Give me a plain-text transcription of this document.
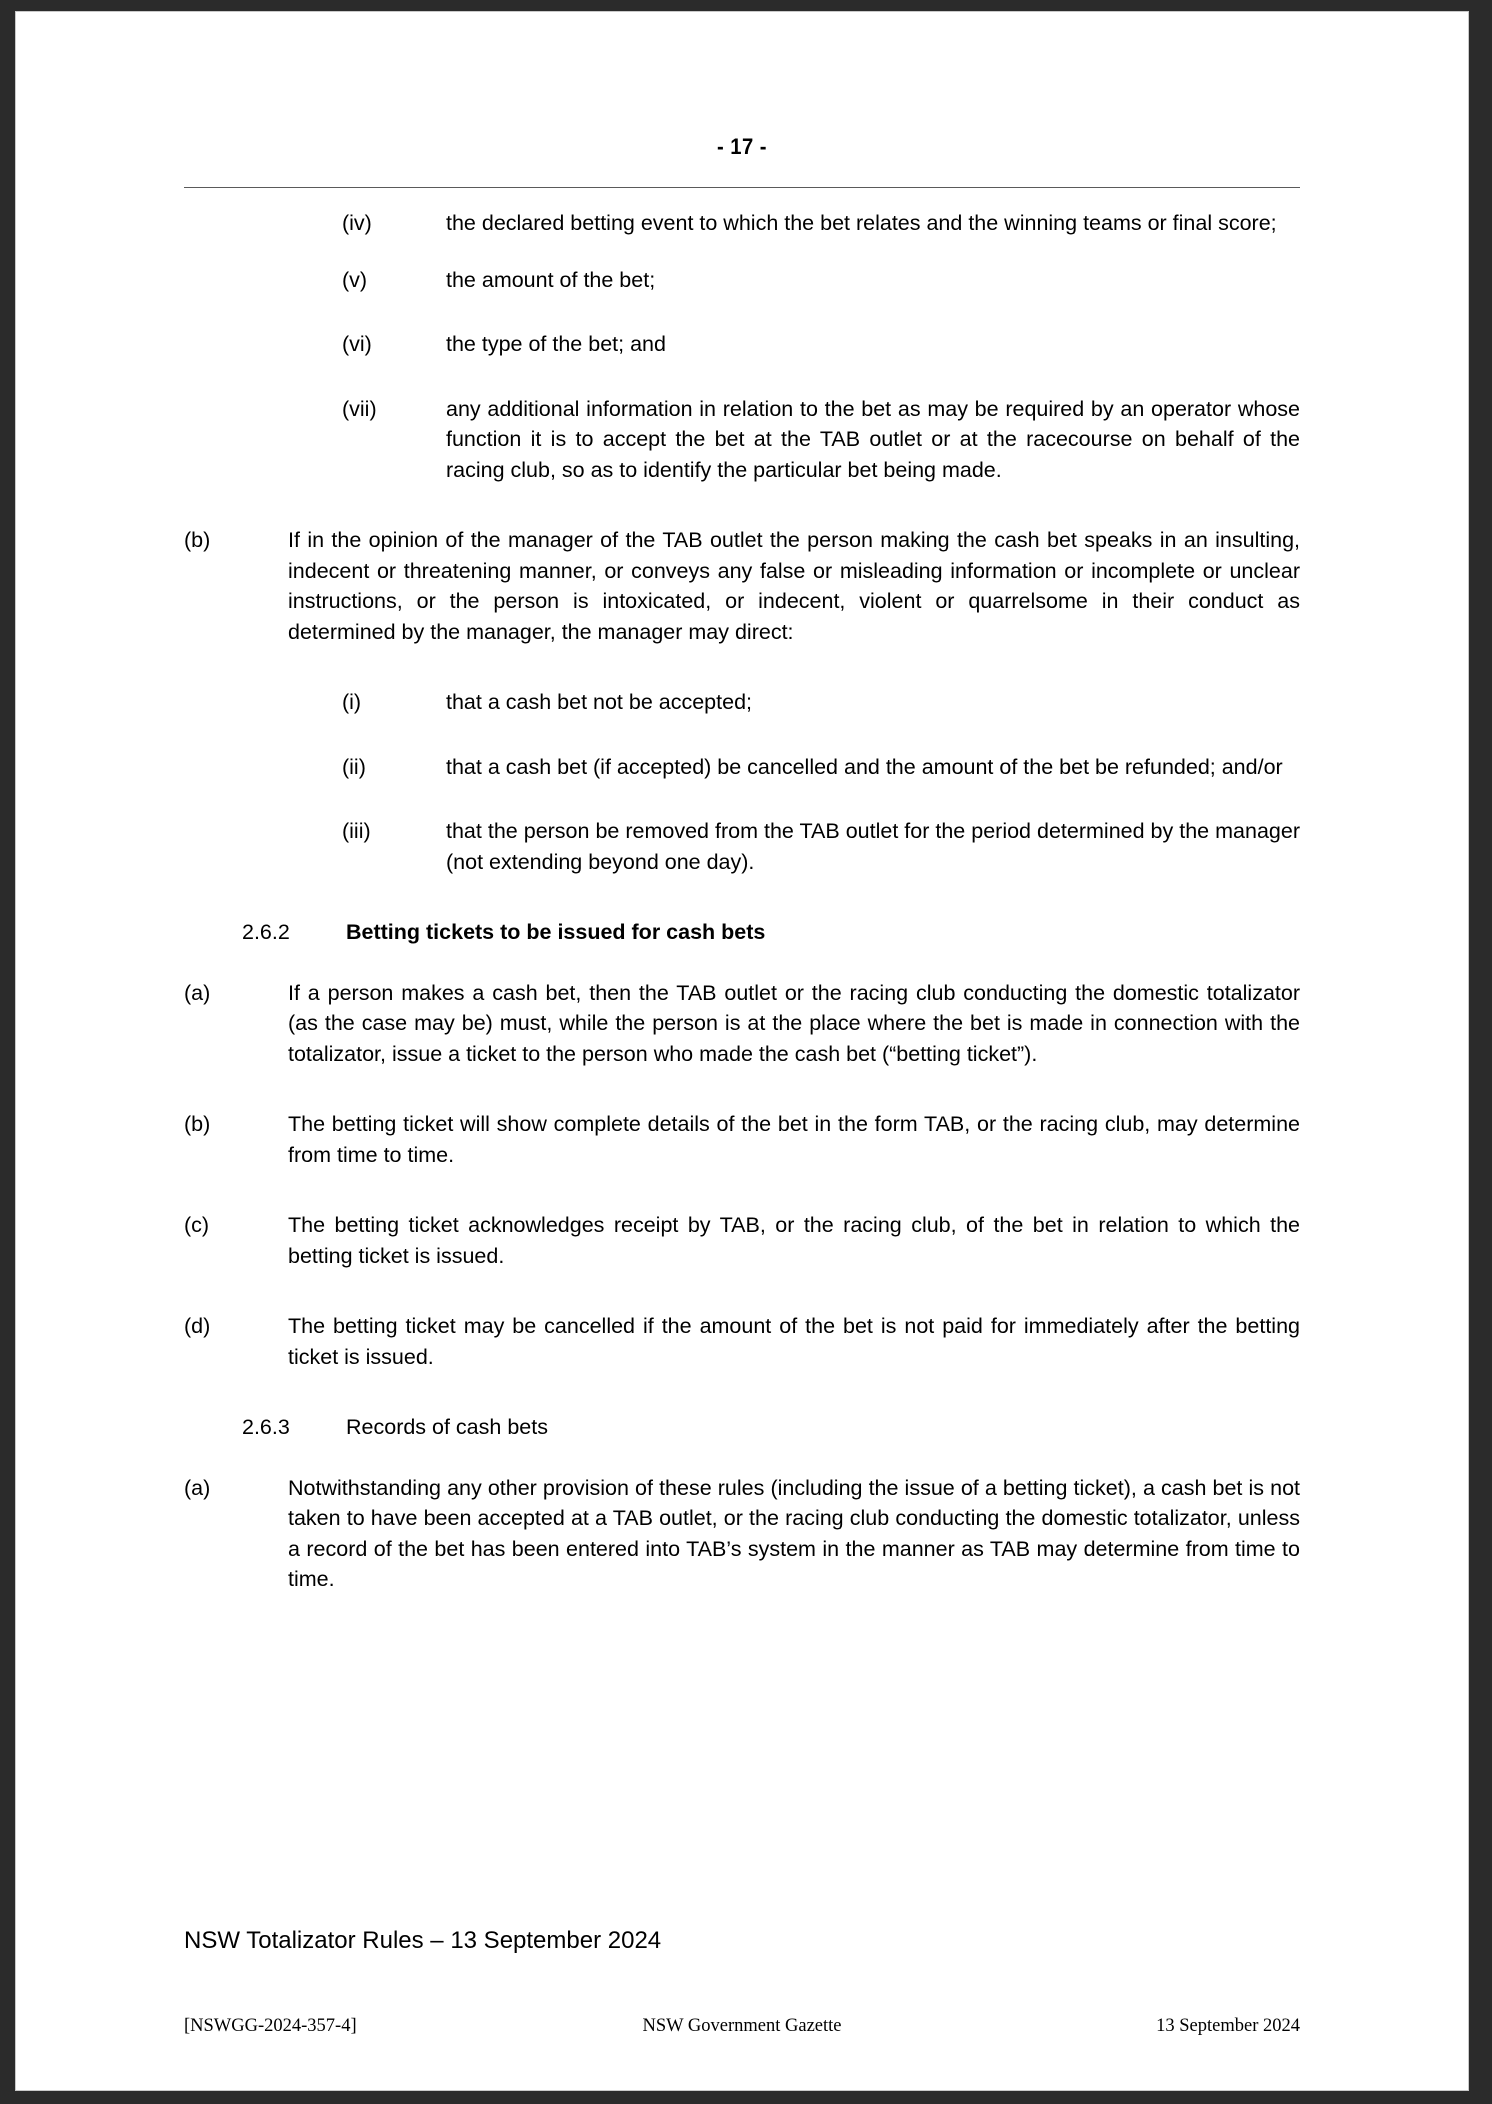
- 17 -
(iv)	the declared betting event to which the bet relates and the winning teams or final score;
(v)	the amount of the bet;
(vi)	the type of the bet; and
(vii)	any additional information in relation to the bet as may be required by an operator whose function it is to accept the bet at the TAB outlet or at the racecourse on behalf of the racing club, so as to identify the particular bet being made.
(b)	If in the opinion of the manager of the TAB outlet the person making the cash bet speaks in an insulting, indecent or threatening manner, or conveys any false or misleading information or incomplete or unclear instructions, or the person is intoxicated, or indecent, violent or quarrelsome in their conduct as determined by the manager, the manager may direct:
(i)	that a cash bet not be accepted;
(ii)	that a cash bet (if accepted) be cancelled and the amount of the bet be refunded; and/or
(iii)	that the person be removed from the TAB outlet for the period determined by the manager (not extending beyond one day).
2.6.2	Betting tickets to be issued for cash bets
(a)	If a person makes a cash bet, then the TAB outlet or the racing club conducting the domestic totalizator (as the case may be) must, while the person is at the place where the bet is made in connection with the totalizator, issue a ticket to the person who made the cash bet (“betting ticket”).
(b)	The betting ticket will show complete details of the bet in the form TAB, or the racing club, may determine from time to time.
(c)	The betting ticket acknowledges receipt by TAB, or the racing club, of the bet in relation to which the betting ticket is issued.
(d)	The betting ticket may be cancelled if the amount of the bet is not paid for immediately after the betting ticket is issued.
2.6.3	Records of cash bets
(a)	Notwithstanding any other provision of these rules (including the issue of a betting ticket), a cash bet is not taken to have been accepted at a TAB outlet, or the racing club conducting the domestic totalizator, unless a record of the bet has been entered into TAB’s system in the manner as TAB may determine from time to time.
NSW Totalizator Rules – 13 September 2024
[NSWGG-2024-357-4]	NSW Government Gazette	13 September 2024
